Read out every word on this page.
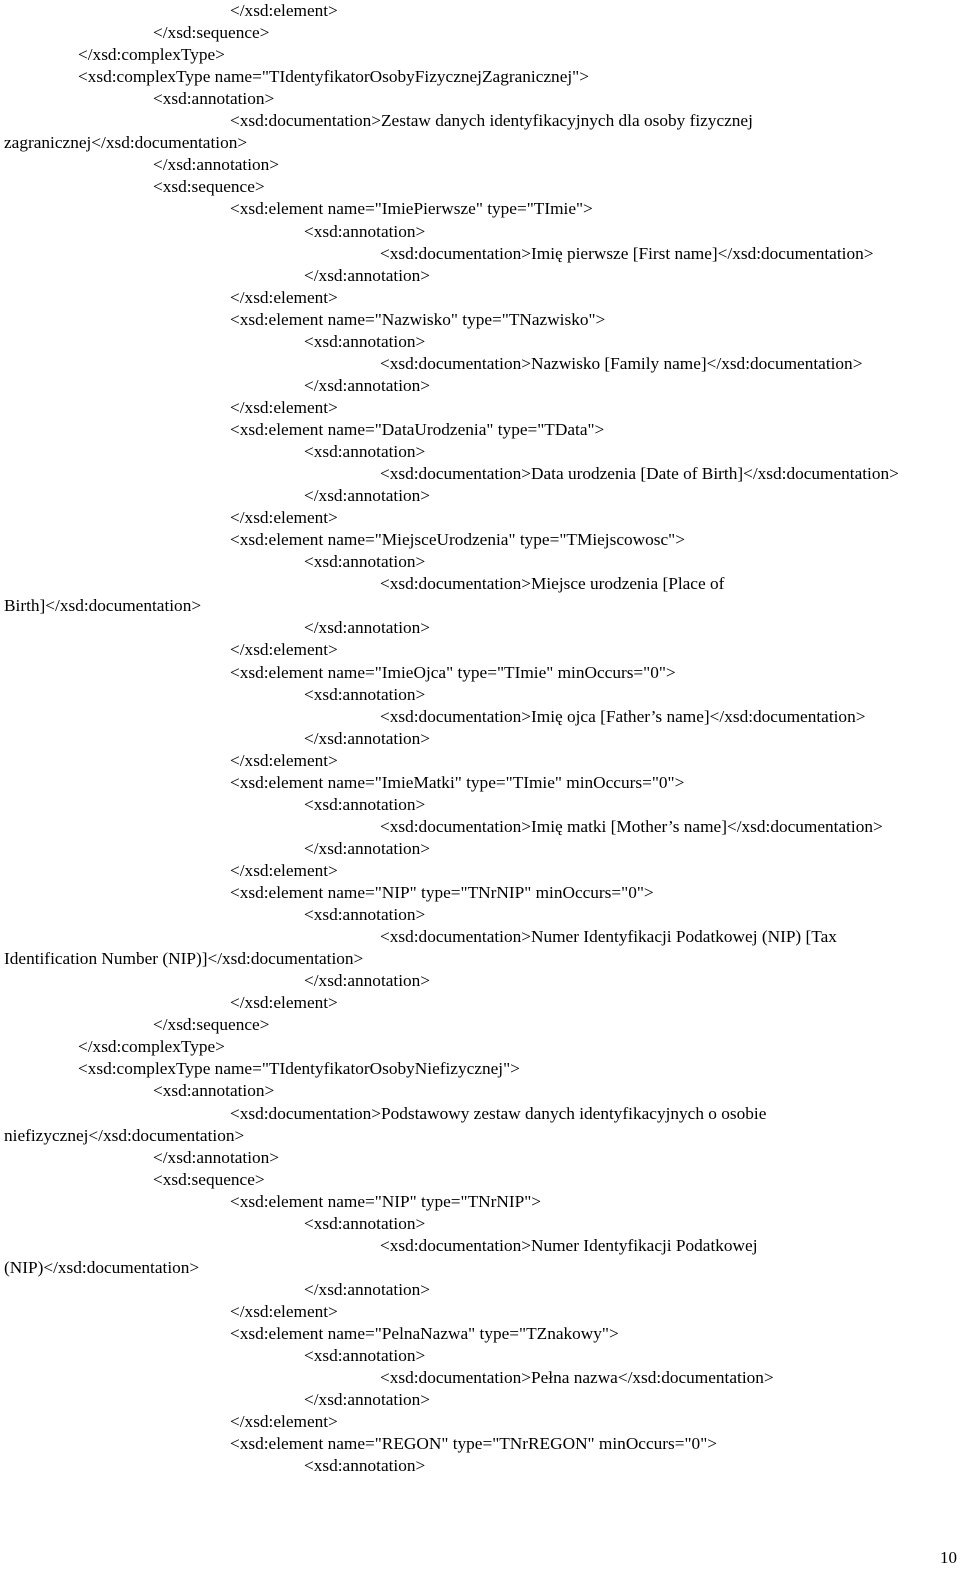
</xsd:element>
</xsd:sequence>
</xsd:complexType>
<xsd:complexType name="TIdentyfikatorOsobyFizycznejZagranicznej">
<xsd:annotation>
<xsd:documentation>Zestaw danych identyfikacyjnych dla osoby fizycznej
zagranicznej</xsd:documentation>
</xsd:annotation>
<xsd:sequence>
<xsd:element name="ImiePierwsze" type="TImie">
<xsd:annotation>
<xsd:documentation>Imię pierwsze [First name]</xsd:documentation>
</xsd:annotation>
</xsd:element>
<xsd:element name="Nazwisko" type="TNazwisko">
<xsd:annotation>
<xsd:documentation>Nazwisko [Family name]</xsd:documentation>
</xsd:annotation>
</xsd:element>
<xsd:element name="DataUrodzenia" type="TData">
<xsd:annotation>
<xsd:documentation>Data urodzenia [Date of Birth]</xsd:documentation>
</xsd:annotation>
</xsd:element>
<xsd:element name="MiejsceUrodzenia" type="TMiejscowosc">
<xsd:annotation>
<xsd:documentation>Miejsce urodzenia [Place of
Birth]</xsd:documentation>
</xsd:annotation>
</xsd:element>
<xsd:element name="ImieOjca" type="TImie" minOccurs="0">
<xsd:annotation>
<xsd:documentation>Imię ojca [Father’s name]</xsd:documentation>
</xsd:annotation>
</xsd:element>
<xsd:element name="ImieMatki" type="TImie" minOccurs="0">
<xsd:annotation>
<xsd:documentation>Imię matki [Mother’s name]</xsd:documentation>
</xsd:annotation>
</xsd:element>
<xsd:element name="NIP" type="TNrNIP" minOccurs="0">
<xsd:annotation>
<xsd:documentation>Numer Identyfikacji Podatkowej (NIP) [Tax
Identification Number (NIP)]</xsd:documentation>
</xsd:annotation>
</xsd:element>
</xsd:sequence>
</xsd:complexType>
<xsd:complexType name="TIdentyfikatorOsobyNiefizycznej">
<xsd:annotation>
<xsd:documentation>Podstawowy zestaw danych identyfikacyjnych o osobie
niefizycznej</xsd:documentation>
</xsd:annotation>
<xsd:sequence>
<xsd:element name="NIP" type="TNrNIP">
<xsd:annotation>
<xsd:documentation>Numer Identyfikacji Podatkowej
(NIP)</xsd:documentation>
</xsd:annotation>
</xsd:element>
<xsd:element name="PelnaNazwa" type="TZnakowy">
<xsd:annotation>
<xsd:documentation>Pełna nazwa</xsd:documentation>
</xsd:annotation>
</xsd:element>
<xsd:element name="REGON" type="TNrREGON" minOccurs="0">
<xsd:annotation>
10
